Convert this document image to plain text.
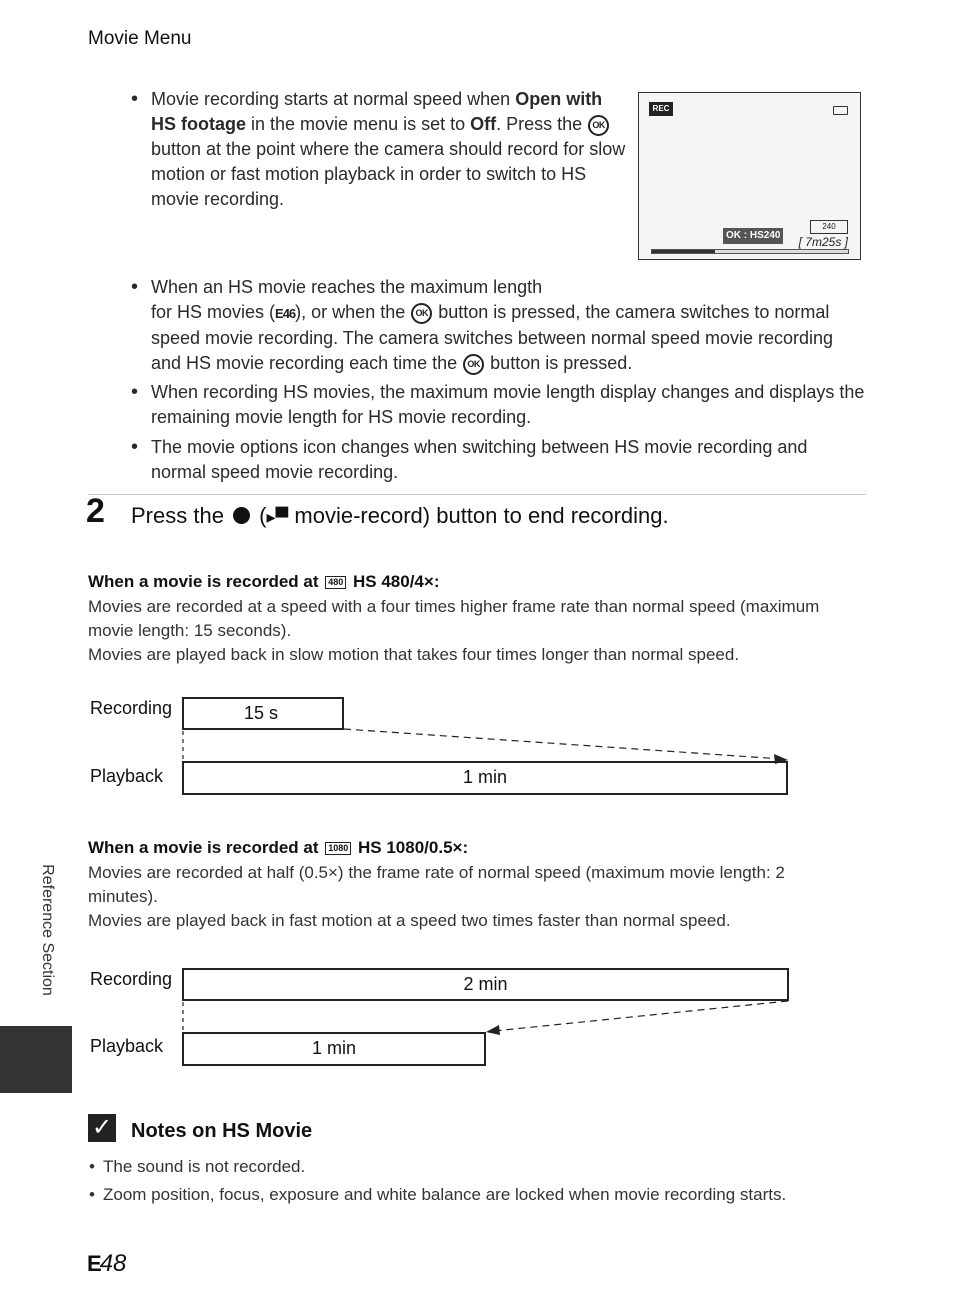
Movie Menu
• Movie recording starts at normal speed when Open with HS footage in the movie menu is set to Off. Press the OK button at the point where the camera should record for slow motion or fast motion playback in order to switch to HS movie recording.
REC
OK : HS240
240
[ 7m25s ]
• When an HS movie reaches the maximum length
for HS movies (E46), or when the OK button is pressed, the camera switches to normal speed movie recording. The camera switches between normal speed movie recording and HS movie recording each time the OK button is pressed.
• When recording HS movies, the maximum movie length display changes and displays the remaining movie length for HS movie recording.
• The movie options icon changes when switching between HS movie recording and normal speed movie recording.
2 Press the  (▸▀ movie-record) button to end recording.
When a movie is recorded at 480 HS 480/4×:
Movies are recorded at a speed with a four times higher frame rate than normal speed (maximum movie length: 15 seconds).
Movies are played back in slow motion that takes four times longer than normal speed.
Recording
Playback
15 s
1 min
When a movie is recorded at 1080 HS 1080/0.5×:
Movies are recorded at half (0.5×) the frame rate of normal speed (maximum movie length: 2 minutes).
Movies are played back in fast motion at a speed two times faster than normal speed.
Recording
Playback
2 min
1 min
Reference Section
✓ Notes on HS Movie
• The sound is not recorded.
• Zoom position, focus, exposure and white balance are locked when movie recording starts.
E48
